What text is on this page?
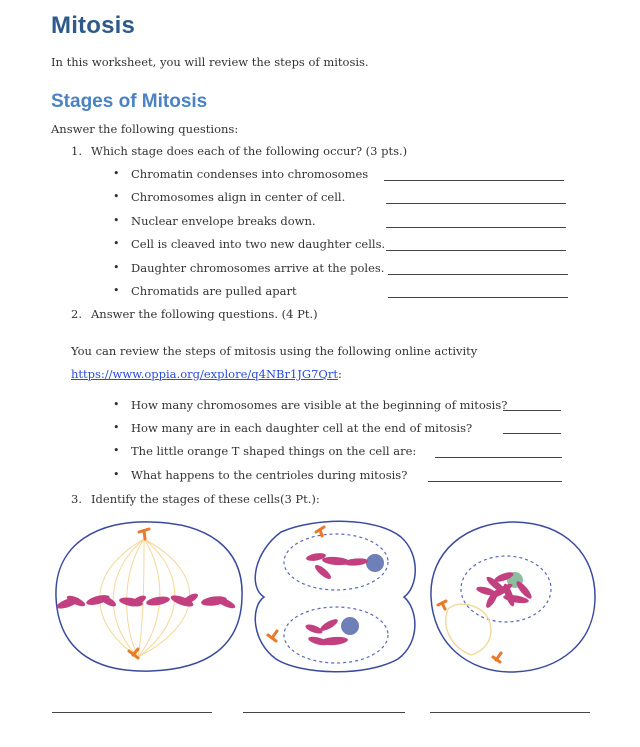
Mitosis
In this worksheet, you will review the steps of mitosis.
Stages of Mitosis
Answer the following questions:
1. Which stage does each of the following occur? (3 pts.)
• Chromatin condenses into chromosomes
• Chromosomes align in center of cell.
• Nuclear envelope breaks down.
• Cell is cleaved into two new daughter cells.
• Daughter chromosomes arrive at the poles.
• Chromatids are pulled apart
2. Answer the following questions. (4 Pt.)
You can review the steps of mitosis using the following online activity
https://www.oppia.org/explore/q4NBr1JG7Qrt:
• How many chromosomes are visible at the beginning of mitosis?
• How many are in each daughter cell at the end of mitosis?
• The little orange T shaped things on the cell are:
• What happens to the centrioles during mitosis?
3. Identify the stages of these cells(3 Pt.):
